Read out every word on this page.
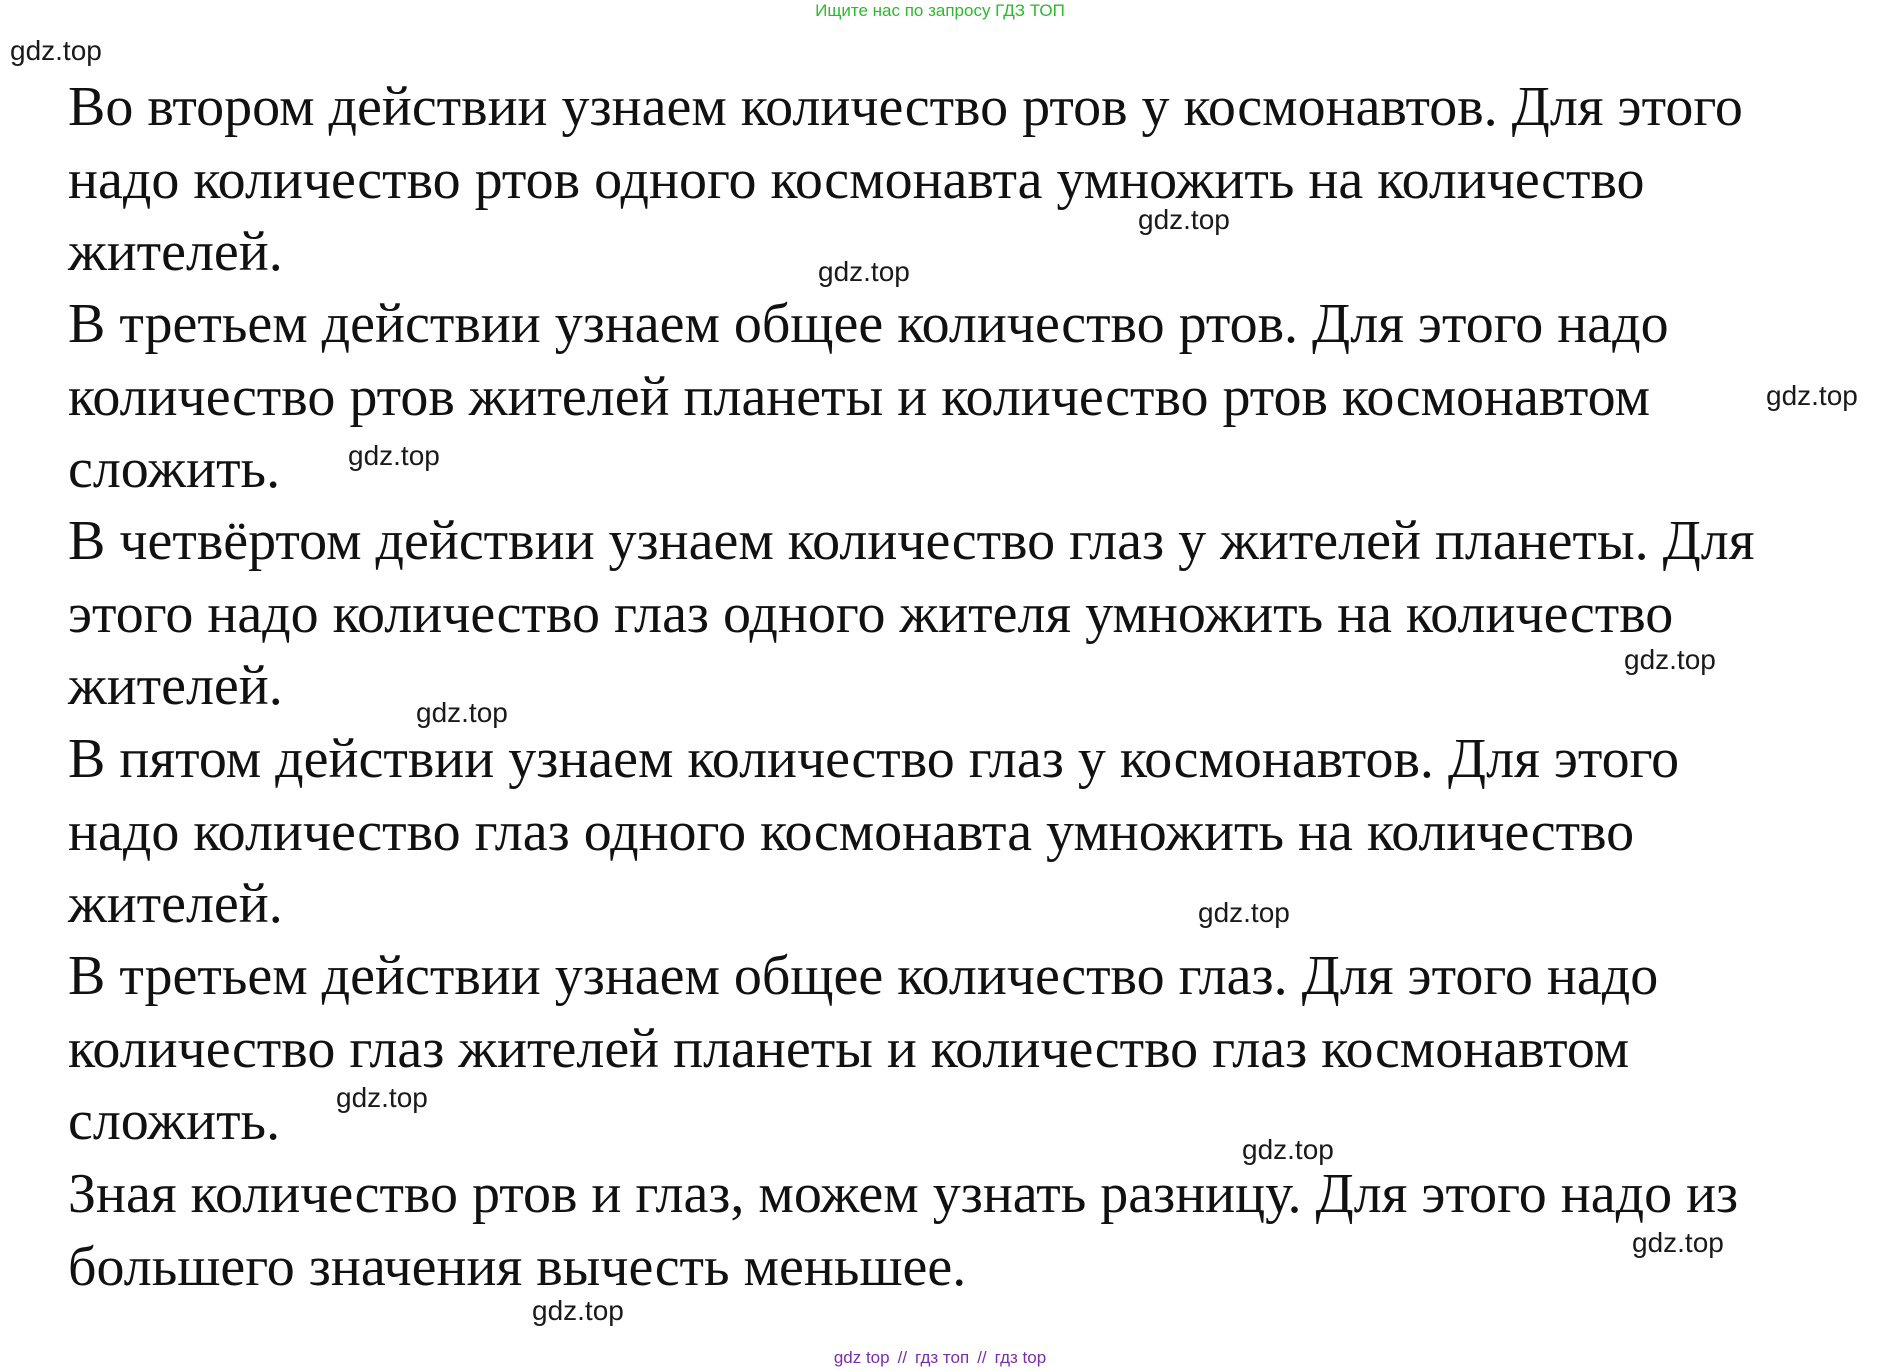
Ищите нас по запросу ГДЗ ТОП
gdz.top
Во втором действии узнаем количество ртов у космонавтов. Для этого
надо количество ртов одного космонавта умножить на количество
жителей.
В третьем действии узнаем общее количество ртов. Для этого надо
количество ртов жителей планеты и количество ртов космонавтом
сложить.
В четвёртом действии узнаем количество глаз у жителей планеты. Для
этого надо количество глаз одного жителя умножить на количество
жителей.
В пятом действии узнаем количество глаз у космонавтов. Для этого
надо количество глаз одного космонавта умножить на количество
жителей.
В третьем действии узнаем общее количество глаз. Для этого надо
количество глаз жителей планеты и количество глаз космонавтом
сложить.
Зная количество ртов и глаз, можем узнать разницу. Для этого надо из
большего значения вычесть меньшее.
gdz.top
gdz.top
gdz.top
gdz.top
gdz.top
gdz.top
gdz.top
gdz.top
gdz.top
gdz.top
gdz.top
gdz top // гдз топ // гдз top
